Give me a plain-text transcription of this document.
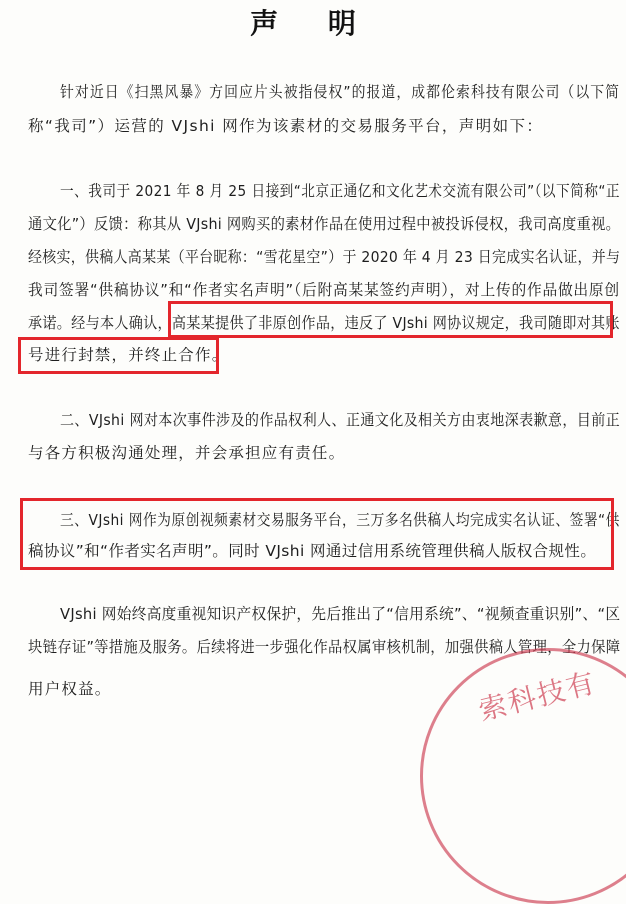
声 明
针对近日《扫黑风暴》方回应片头被指侵权”的报道，成都伦索科技有限公司（以下简
称“我司”）运营的 VJshi 网作为该素材的交易服务平台，声明如下：
一、我司于 2021 年 8 月 25 日接到“北京正通亿和文化艺术交流有限公司”（以下简称“正
通文化”）反馈：称其从 VJshi 网购买的素材作品在使用过程中被投诉侵权，我司高度重视。
经核实，供稿人高某某（平台昵称：“雪花星空”）于 2020 年 4 月 23 日完成实名认证，并与
我司签署“供稿协议”和“作者实名声明”（后附高某某签约声明），对上传的作品做出原创
承诺。经与本人确认，高某某提供了非原创作品，违反了 VJshi 网协议规定，我司随即对其账
号进行封禁，并终止合作。
二、VJshi 网对本次事件涉及的作品权利人、正通文化及相关方由衷地深表歉意，目前正
与各方积极沟通处理，并会承担应有责任。
三、VJshi 网作为原创视频素材交易服务平台，三万多名供稿人均完成实名认证、签署“供
稿协议”和“作者实名声明”。同时 VJshi 网通过信用系统管理供稿人版权合规性。
VJshi 网始终高度重视知识产权保护，先后推出了“信用系统”、“视频查重识别”、“区
块链存证”等措施及服务。后续将进一步强化作品权属审核机制，加强供稿人管理，全力保障
用户权益。	索科技有
